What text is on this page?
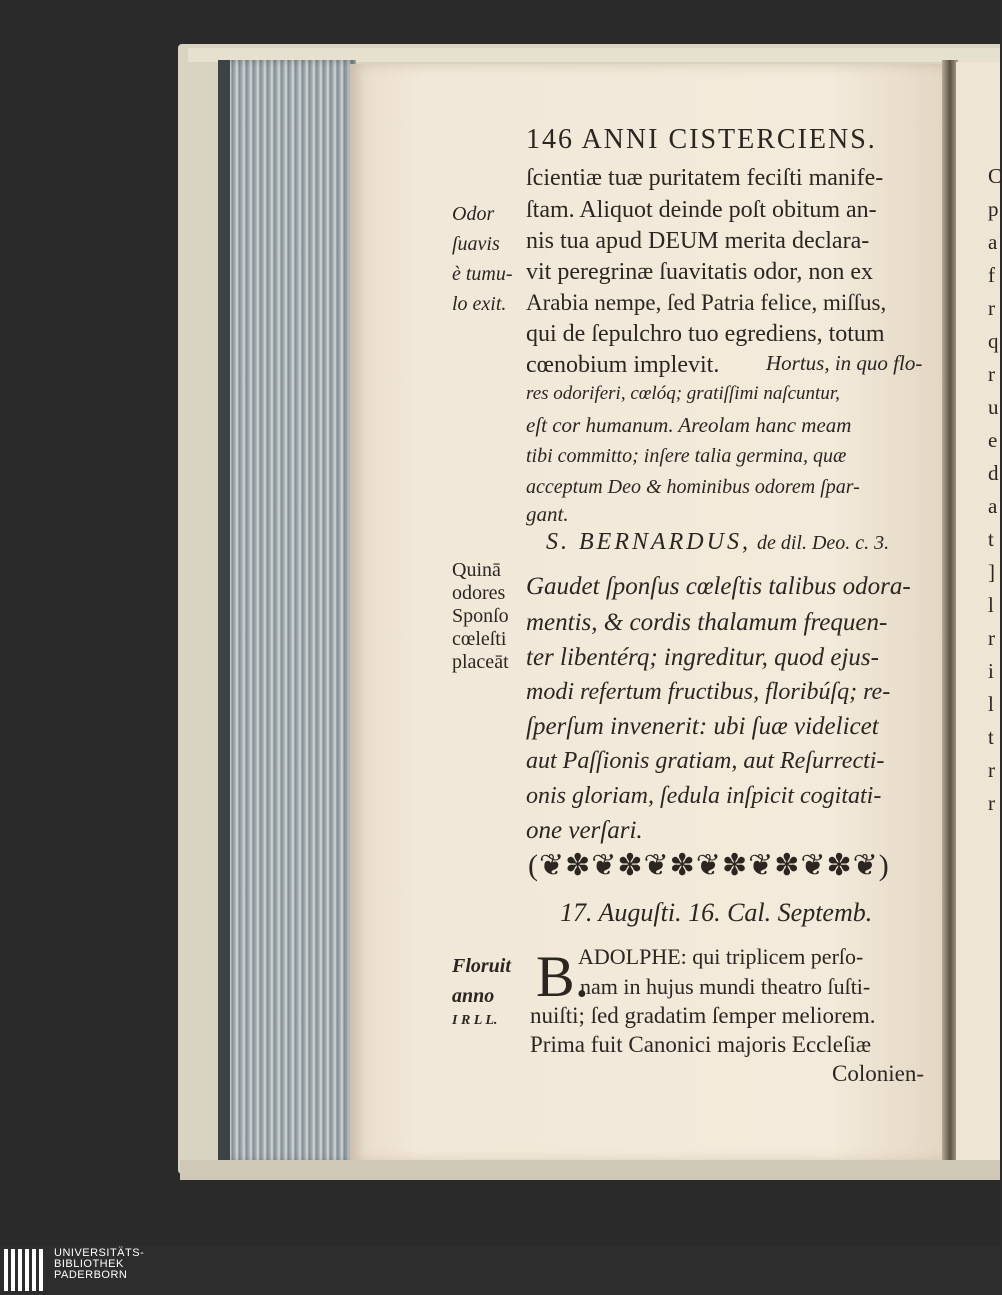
C
p
a
f
r
q
r
u
e
d
a
t
]
l
r
i
l
t
r
r
146 ANNI CISTERCIENS.
ſcientiæ tuæ puritatem feciſti manife-
ſtam. Aliquot deinde poſt obitum an-
nis tua apud DEUM merita declara-
vit peregrinæ ſuavitatis odor, non ex
Arabia nempe, ſed Patria felice, miſſus,
qui de ſepulchro tuo egrediens, totum
cœnobium implevit. Hortus, in quo flo-
res odoriferi, cœlóq; gratiſſimi naſcuntur,
eſt cor humanum. Areolam hanc meam
tibi committo; inſere talia germina, quæ
acceptum Deo & hominibus odorem ſpar-
gant.
Odor
ſuavis
è tumu-
lo exit.
S. BERNARDUS, de dil. Deo. c. 3.
Quinā
odores
Sponſo
cœleſti
placeāt
Gaudet ſponſus cœleſtis talibus odora-
mentis, & cordis thalamum frequen-
ter libentérq; ingreditur, quod ejus-
modi refertum fructibus, floribúſq; re-
ſperſum invenerit: ubi ſuæ videlicet
aut Paſſionis gratiam, aut Reſurrecti-
onis gloriam, ſedula inſpicit cogitati-
one verſari.
(❦✽❦✽❦✽❦✽❦✽❦✽❦)
17. Auguſti. 16. Cal. Septemb.
Floruit
anno
I R L L.
B.
ADOLPHE: qui triplicem perſo-
nam in hujus mundi theatro ſuſti-
nuiſti; ſed gradatim ſemper meliorem.
Prima fuit Canonici majoris Eccleſiæ
Colonien-
UNIVERSITÄTS-
BIBLIOTHEK
PADERBORN
